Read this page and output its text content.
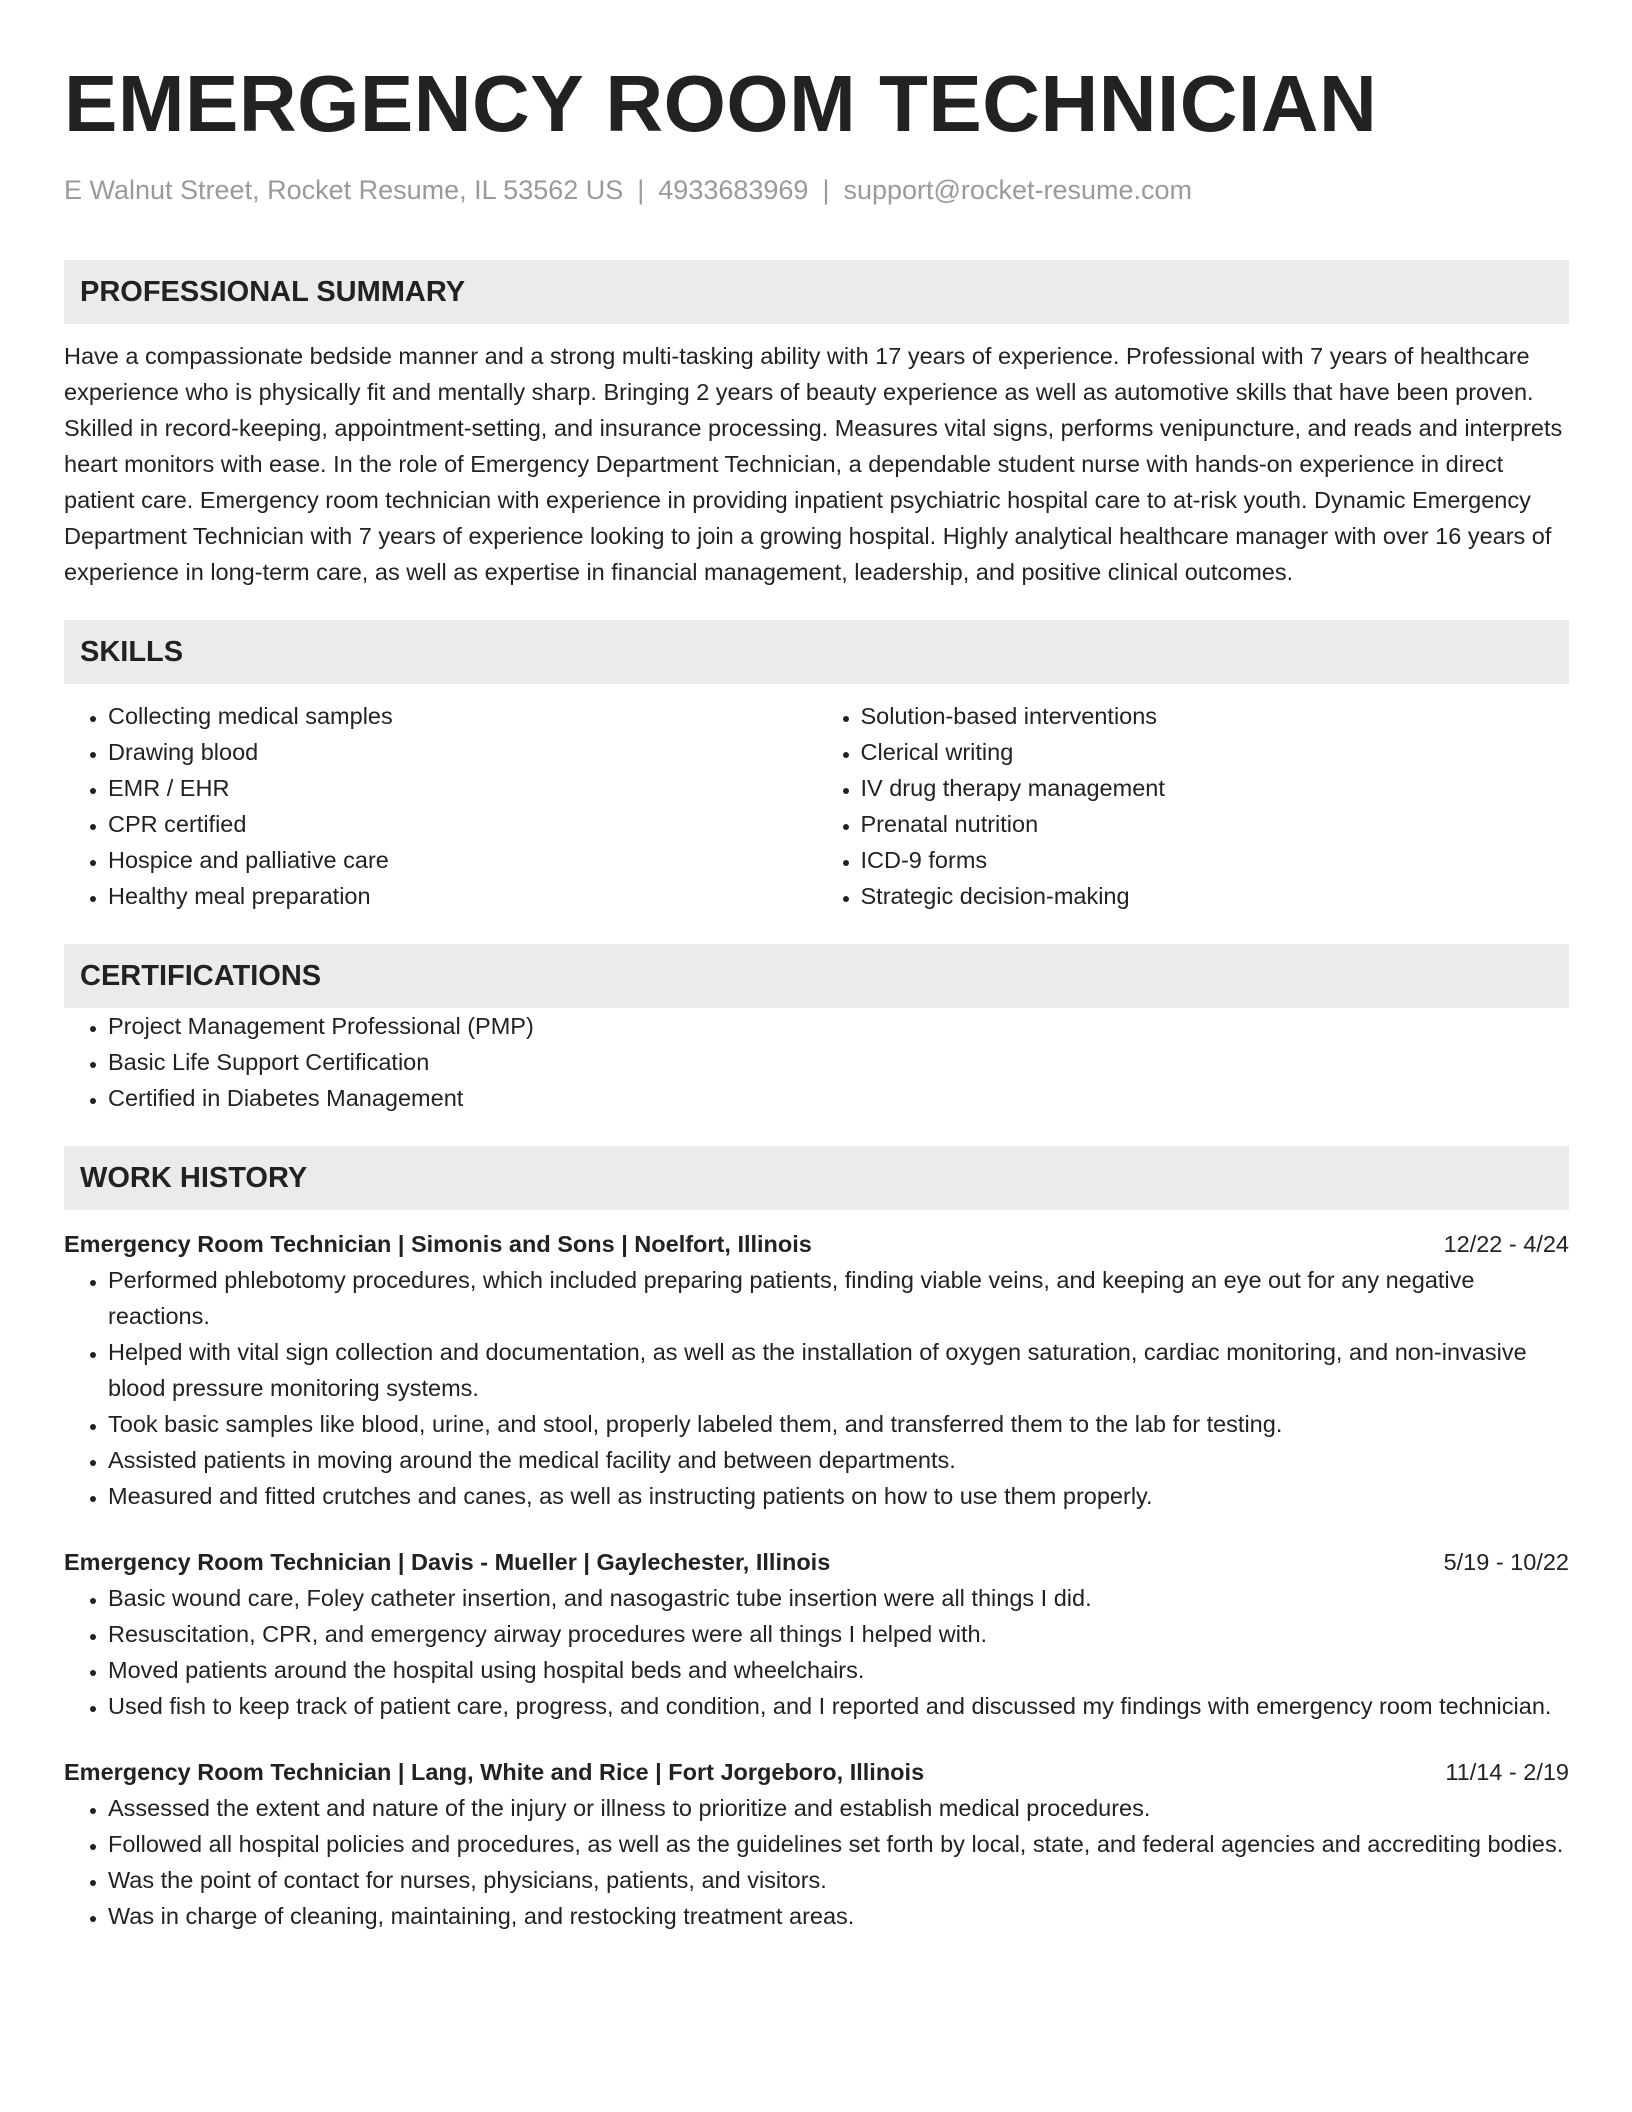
EMERGENCY ROOM TECHNICIAN
E Walnut Street, Rocket Resume, IL 53562 US | 4933683969 | support@rocket-resume.com
PROFESSIONAL SUMMARY

Have a compassionate bedside manner and a strong multi-tasking ability with 17 years of experience. Professional with 7 years of healthcare experience who is physically fit and mentally sharp. Bringing 2 years of beauty experience as well as automotive skills that have been proven. Skilled in record-keeping, appointment-setting, and insurance processing. Measures vital signs, performs venipuncture, and reads and interprets heart monitors with ease. In the role of Emergency Department Technician, a dependable student nurse with hands-on experience in direct patient care. Emergency room technician with experience in providing inpatient psychiatric hospital care to at-risk youth. Dynamic Emergency Department Technician with 7 years of experience looking to join a growing hospital. Highly analytical healthcare manager with over 16 years of experience in long-term care, as well as expertise in financial management, leadership, and positive clinical outcomes.

SKILLS
• Collecting medical samples
• Drawing blood
• EMR / EHR
• CPR certified
• Hospice and palliative care
• Healthy meal preparation
• Solution-based interventions
• Clerical writing
• IV drug therapy management
• Prenatal nutrition
• ICD-9 forms
• Strategic decision-making
CERTIFICATIONS
• Project Management Professional (PMP)
• Basic Life Support Certification
• Certified in Diabetes Management
WORK HISTORY
Emergency Room Technician | Simonis and Sons | Noelfort, Illinois	12/22 - 4/24
• Performed phlebotomy procedures, which included preparing patients, finding viable veins, and keeping an eye out for any negative reactions.
• Helped with vital sign collection and documentation, as well as the installation of oxygen saturation, cardiac monitoring, and non-invasive blood pressure monitoring systems.
• Took basic samples like blood, urine, and stool, properly labeled them, and transferred them to the lab for testing.
• Assisted patients in moving around the medical facility and between departments.
• Measured and fitted crutches and canes, as well as instructing patients on how to use them properly.
Emergency Room Technician | Davis - Mueller | Gaylechester, Illinois	5/19 - 10/22
• Basic wound care, Foley catheter insertion, and nasogastric tube insertion were all things I did.
• Resuscitation, CPR, and emergency airway procedures were all things I helped with.
• Moved patients around the hospital using hospital beds and wheelchairs.
• Used fish to keep track of patient care, progress, and condition, and I reported and discussed my findings with emergency room technician.
Emergency Room Technician | Lang, White and Rice | Fort Jorgeboro, Illinois	11/14 - 2/19
• Assessed the extent and nature of the injury or illness to prioritize and establish medical procedures.
• Followed all hospital policies and procedures, as well as the guidelines set forth by local, state, and federal agencies and accrediting bodies.
• Was the point of contact for nurses, physicians, patients, and visitors.
• Was in charge of cleaning, maintaining, and restocking treatment areas.
